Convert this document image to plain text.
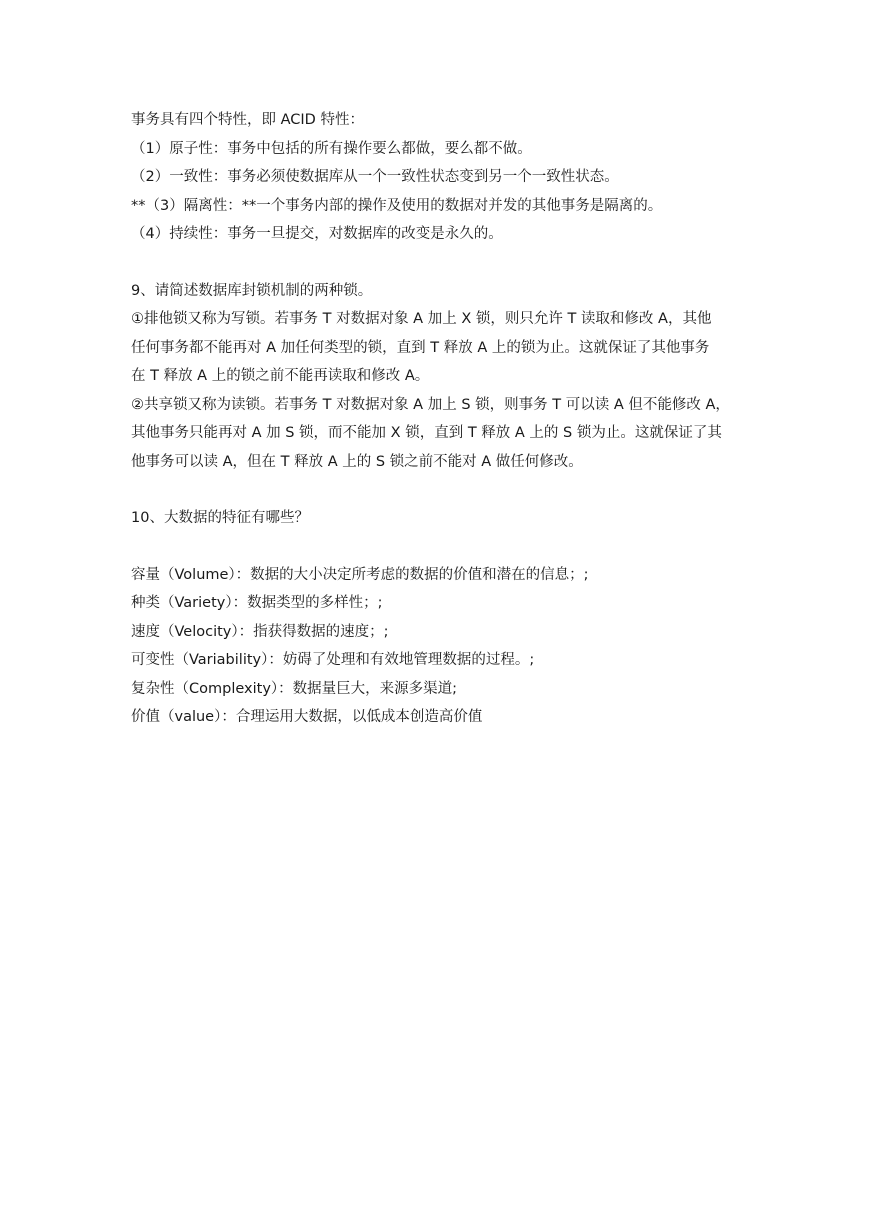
事务具有四个特性，即 ACID 特性：
（1）原子性：事务中包括的所有操作要么都做，要么都不做。
（2）一致性：事务必须使数据库从一个一致性状态变到另一个一致性状态。
**（3）隔离性：**一个事务内部的操作及使用的数据对并发的其他事务是隔离的。
（4）持续性：事务一旦提交，对数据库的改变是永久的。
9、请简述数据库封锁机制的两种锁。
①排他锁又称为写锁。若事务 T 对数据对象 A 加上 X 锁，则只允许 T 读取和修改 A，其他
任何事务都不能再对 A 加任何类型的锁，直到 T 释放 A 上的锁为止。这就保证了其他事务
在 T 释放 A 上的锁之前不能再读取和修改 A。
②共享锁又称为读锁。若事务 T 对数据对象 A 加上 S 锁，则事务 T 可以读 A 但不能修改 A，
其他事务只能再对 A 加 S 锁，而不能加 X 锁，直到 T 释放 A 上的 S 锁为止。这就保证了其
他事务可以读 A，但在 T 释放 A 上的 S 锁之前不能对 A 做任何修改。
10、大数据的特征有哪些？
容量（Volume）：数据的大小决定所考虑的数据的价值和潜在的信息；;
种类（Variety）：数据类型的多样性；;
速度（Velocity）：指获得数据的速度；;
可变性（Variability）：妨碍了处理和有效地管理数据的过程。;
复杂性（Complexity）：数据量巨大，来源多渠道;
价值（value）：合理运用大数据，以低成本创造高价值
